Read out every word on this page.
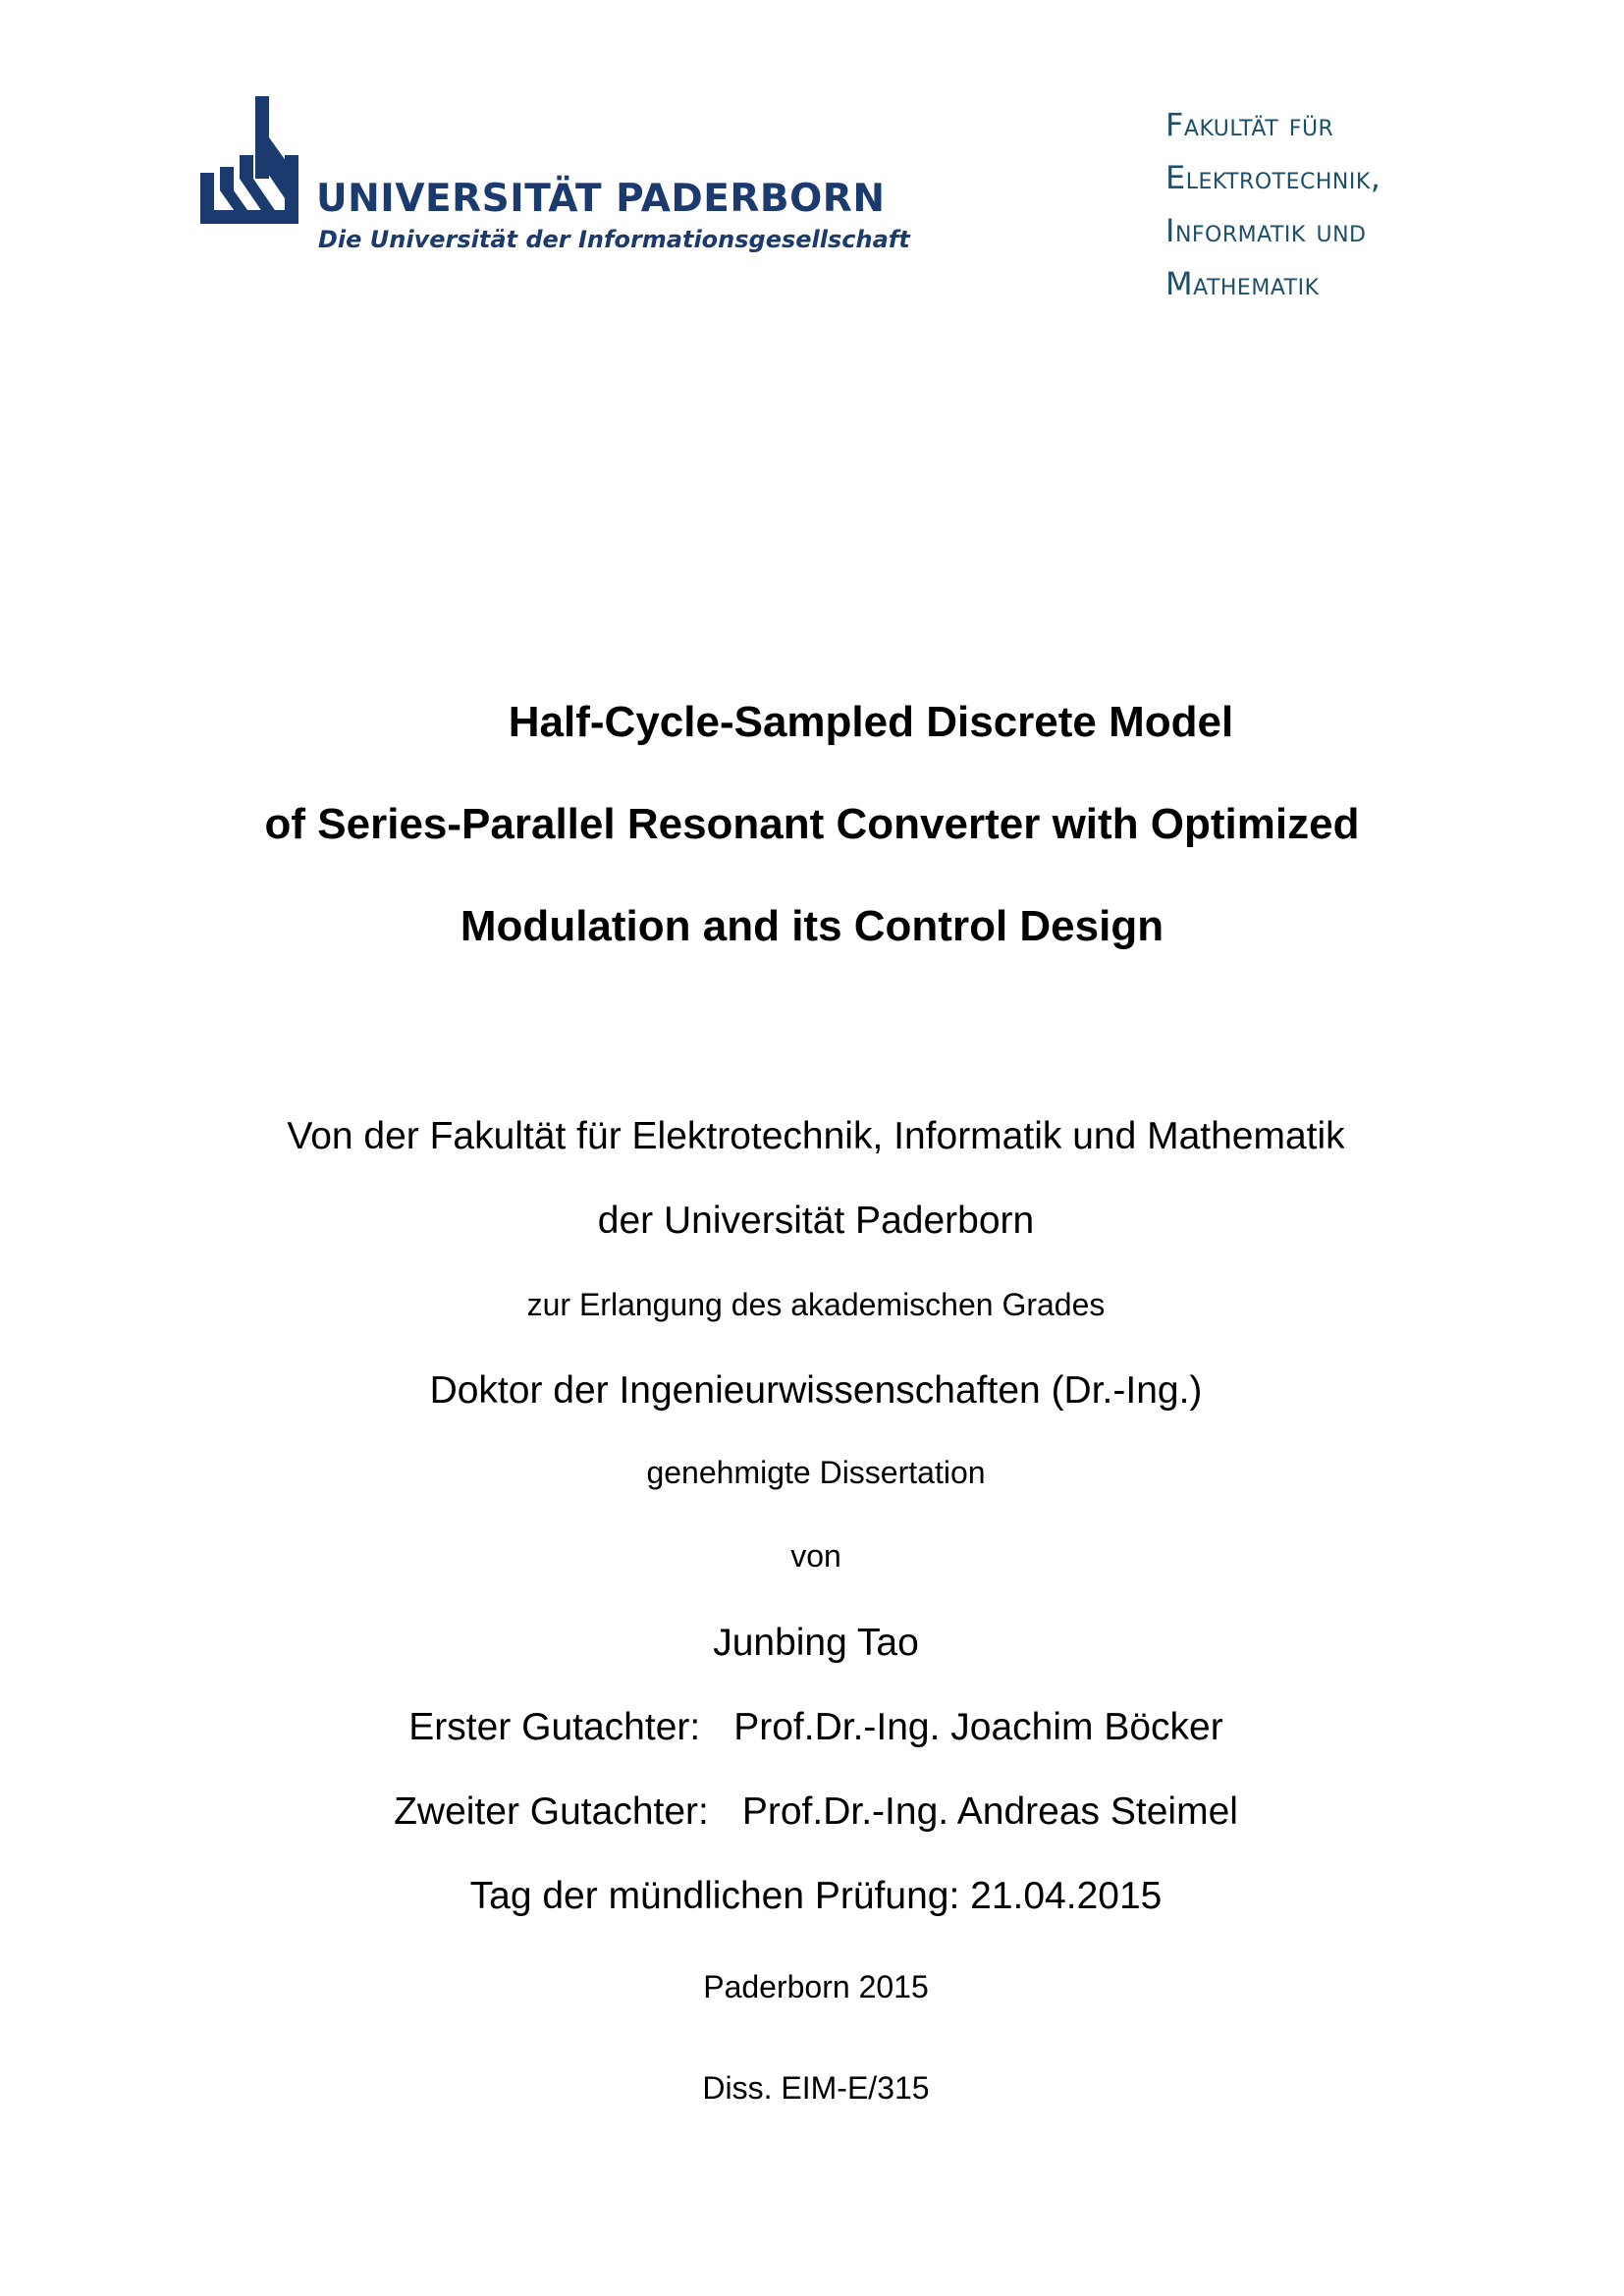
UNIVERSITÄT PADERBORN
Die Universität der Informationsgesellschaft
Fakultät für
Elektrotechnik,
Informatik und
Mathematik
Half-Cycle-Sampled Discrete Model
of Series-Parallel Resonant Converter with Optimized
Modulation and its Control Design
Von der Fakultät für Elektrotechnik, Informatik und Mathematik
der Universität Paderborn
zur Erlangung des akademischen Grades
Doktor der Ingenieurwissenschaften (Dr.-Ing.)
genehmigte Dissertation
von
Junbing Tao
Erster Gutachter: Prof.Dr.-Ing. Joachim Böcker
Zweiter Gutachter: Prof.Dr.-Ing. Andreas Steimel
Tag der mündlichen Prüfung: 21.04.2015
Paderborn 2015
Diss. EIM-E/315
